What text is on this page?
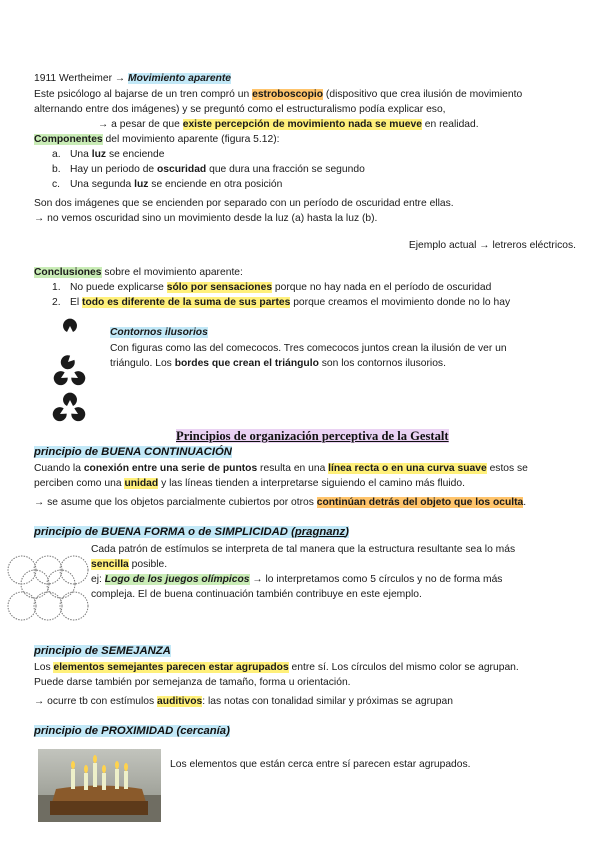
1911 Wertheimer → Movimiento aparente
Este psicólogo al bajarse de un tren compró un estroboscopio (dispositivo que crea ilusión de movimiento
alternando entre dos imágenes) y se preguntó como el estructuralismo podía explicar eso,
→ a pesar de que existe percepción de movimiento nada se mueve en realidad.
Componentes del movimiento aparente (figura 5.12):
a. Una luz se enciende
b. Hay un periodo de oscuridad que dura una fracción se segundo
c. Una segunda luz se enciende en otra posición
Son dos imágenes que se encienden por separado con un período de oscuridad entre ellas.
→ no vemos oscuridad sino un movimiento desde la luz (a) hasta la luz (b).
Ejemplo actual → letreros eléctricos.
Conclusiones sobre el movimiento aparente:
1. No puede explicarse sólo por sensaciones porque no hay nada en el período de oscuridad
2. El todo es diferente de la suma de sus partes porque creamos el movimiento donde no lo hay
Contornos ilusorios
Con figuras como las del comecocos. Tres comecocos juntos crean la ilusión de ver un
triángulo. Los bordes que crean el triángulo son los contornos ilusorios.
Principios de organización perceptiva de la Gestalt
principio de BUENA CONTINUACIÓN
Cuando la conexión entre una serie de puntos resulta en una línea recta o en una curva suave estos se
perciben como una unidad y las líneas tienden a interpretarse siguiendo el camino más fluido.
→ se asume que los objetos parcialmente cubiertos por otros continúan detrás del objeto que los oculta.
principio de BUENA FORMA o de SIMPLICIDAD (pragnanz)
Cada patrón de estímulos se interpreta de tal manera que la estructura resultante sea lo más
sencilla posible.
ej: Logo de los juegos olímpicos → lo interpretamos como 5 círculos y no de forma más
compleja. El de buena continuación también contribuye en este ejemplo.
principio de SEMEJANZA
Los elementos semejantes parecen estar agrupados entre sí. Los círculos del mismo color se agrupan.
Puede darse también por semejanza de tamaño, forma u orientación.
→ ocurre tb con estímulos auditivos: las notas con tonalidad similar y próximas se agrupan
principio de PROXIMIDAD (cercanía)
Los elementos que están cerca entre sí parecen estar agrupados.
